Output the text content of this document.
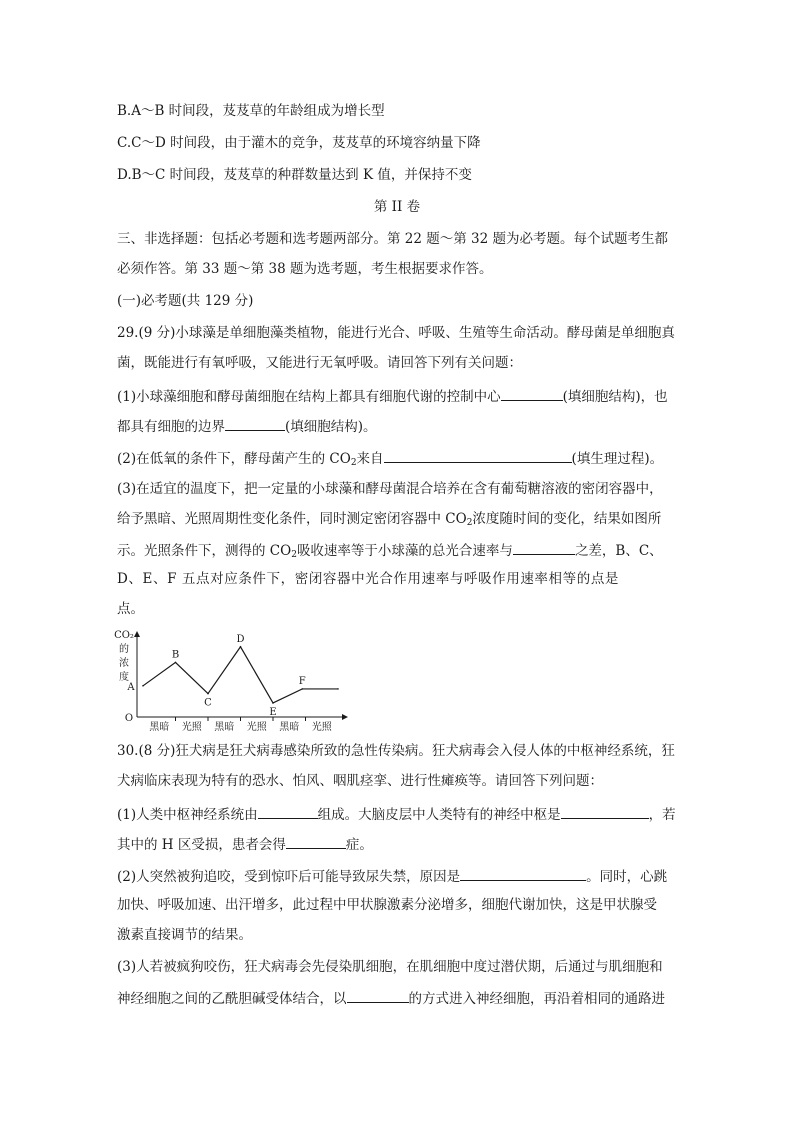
B.A～B 时间段，芨芨草的年龄组成为增长型
C.C～D 时间段，由于灌木的竞争，芨芨草的环境容纳量下降
D.B～C 时间段，芨芨草的种群数量达到 K 值，并保持不变
第 II 卷
三、非选择题：包括必考题和选考题两部分。第 22 题～第 32 题为必考题。每个试题考生都
必须作答。第 33 题～第 38 题为选考题，考生根据要求作答。
(一)必考题(共 129 分)
29.(9 分)小球藻是单细胞藻类植物，能进行光合、呼吸、生殖等生命活动。酵母菌是单细胞真
菌，既能进行有氧呼吸，又能进行无氧呼吸。请回答下列有关问题：
(1)小球藻细胞和酵母菌细胞在结构上都具有细胞代谢的控制中心	(填细胞结构)，也
都具有细胞的边界	(填细胞结构)。
(2)在低氧的条件下，酵母菌产生的 $CO_2$来自	(填生理过程)。
(3)在适宜的温度下，把一定量的小球藻和酵母菌混合培养在含有葡萄糖溶液的密闭容器中，
给予黑暗、光照周期性变化条件，同时测定密闭容器中 $CO_2$浓度随时间的变化，结果如图所
示。光照条件下，测得的 $CO_2$吸收速率等于小球藻的总光合速率与	之差，B、C、
D、E、F 五点对应条件下，密闭容器中光合作用速率与呼吸作用速率相等的点是
点。
CO₂
的
浓
度
O
黑暗 光照 黑暗 光照 黑暗 光照
A
B
C
D
E
F
30.(8 分)狂犬病是狂犬病毒感染所致的急性传染病。狂犬病毒会入侵人体的中枢神经系统，狂
犬病临床表现为特有的恐水、怕风、咽肌痉挛、进行性瘫痪等。请回答下列问题：
(1)人类中枢神经系统由	组成。大脑皮层中人类特有的神经中枢是	，若
其中的 H 区受损，患者会得	症。
(2)人突然被狗追咬，受到惊吓后可能导致尿失禁，原因是	。同时，心跳
加快、呼吸加速、出汗增多，此过程中甲状腺激素分泌增多，细胞代谢加快，这是甲状腺受
激素直接调节的结果。
(3)人若被疯狗咬伤，狂犬病毒会先侵染肌细胞，在肌细胞中度过潜伏期，后通过与肌细胞和
神经细胞之间的乙酰胆碱受体结合，以	的方式进入神经细胞，再沿着相同的通路进
